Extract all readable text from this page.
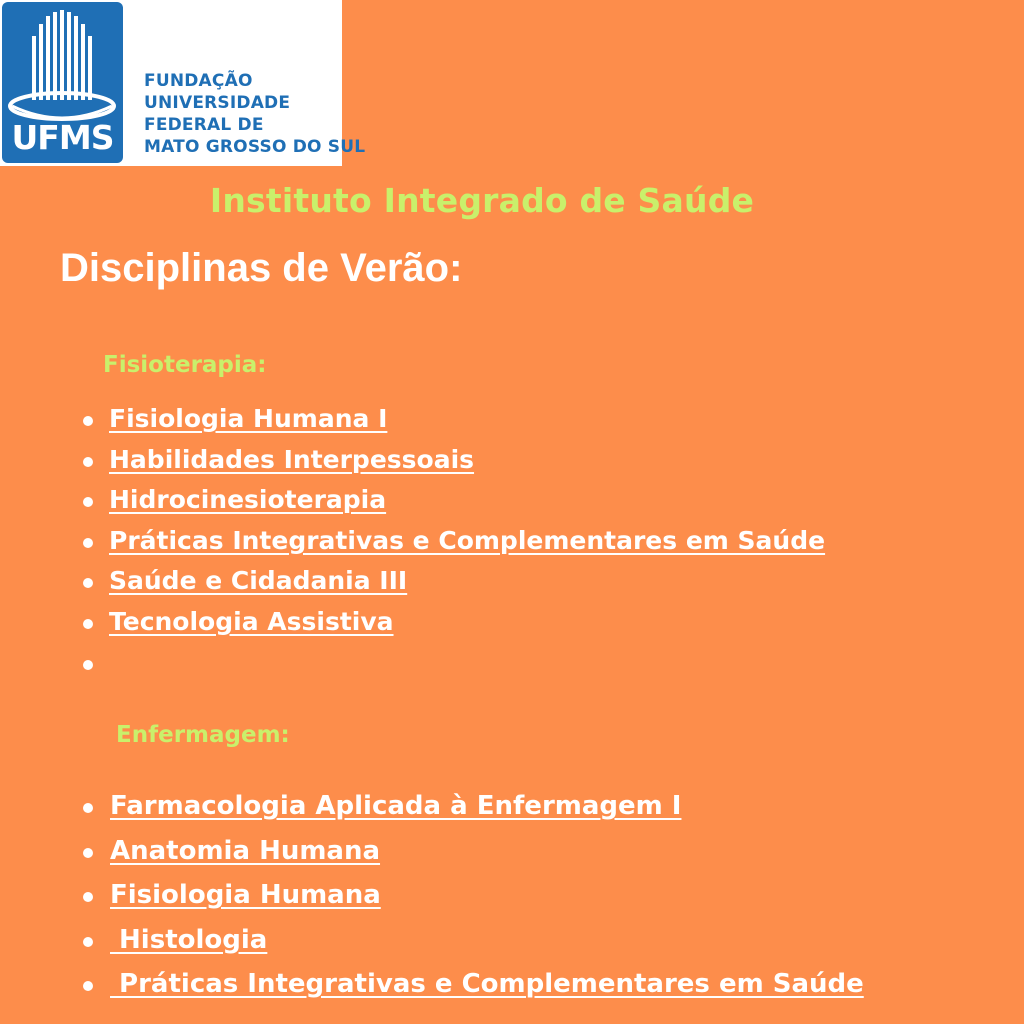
UFMS
FUNDAÇÃO
UNIVERSIDADE
FEDERAL DE
MATO GROSSO DO SUL
Instituto Integrado de Saúde
Disciplinas de Verão:
Fisioterapia:
Fisiologia Humana I
Habilidades Interpessoais
Hidrocinesioterapia
Práticas Integrativas e Complementares em Saúde
Saúde e Cidadania III
Tecnologia Assistiva
Enfermagem:
Farmacologia Aplicada à Enfermagem I
Anatomia Humana
Fisiologia Humana
Histologia
Práticas Integrativas e Complementares em Saúde
